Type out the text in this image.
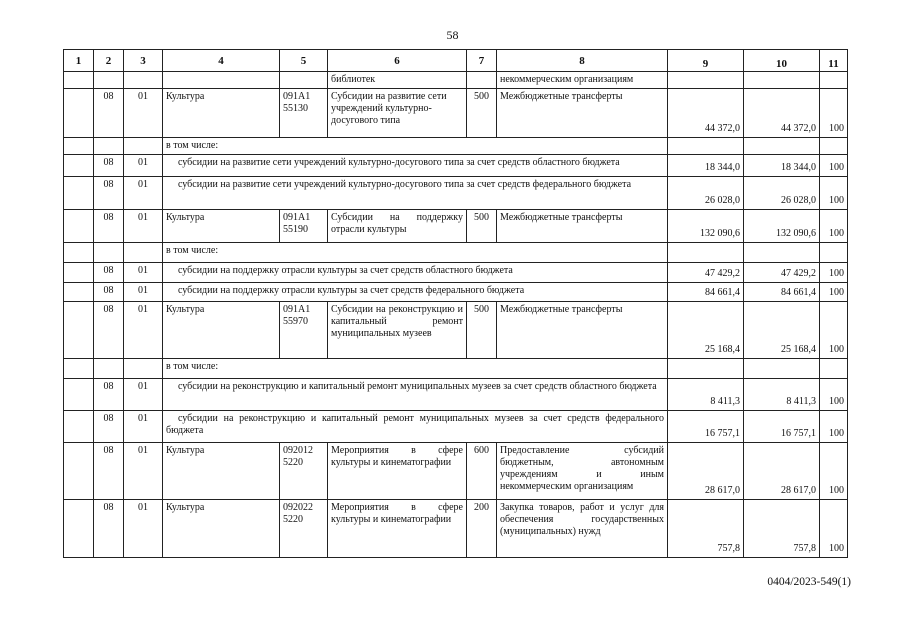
58
1	2	3	4	5	6	7	8	9	10	11
					библиотек		некоммерческим организациям			
	08	01	Культура	091А1 55130	Субсидии на развитие сети учреждений культурно-досугового типа	500	Межбюджетные трансферты	44 372,0	44 372,0	100
			в том числе:							
	08	01	субсидии на развитие сети учреждений культурно-досугового типа за счет средств областного бюджета					18 344,0	18 344,0	100
	08	01	субсидии на развитие сети учреждений культурно-досугового типа за счет средств федерального бюджета					26 028,0	26 028,0	100
	08	01	Культура	091А1 55190	Субсидии на поддержку отрасли культуры	500	Межбюджетные трансферты	132 090,6	132 090,6	100
			в том числе:							
	08	01	субсидии на поддержку отрасли культуры за счет средств областного бюджета					47 429,2	47 429,2	100
	08	01	субсидии на поддержку отрасли культуры за счет средств федерального бюджета					84 661,4	84 661,4	100
	08	01	Культура	091А1 55970	Субсидии на реконструкцию и капитальный ремонт муниципальных музеев	500	Межбюджетные трансферты	25 168,4	25 168,4	100
			в том числе:							
	08	01	субсидии на реконструкцию и капитальный ремонт муниципальных музеев за счет средств областного бюджета					8 411,3	8 411,3	100
	08	01	субсидии на реконструкцию и капитальный ремонт муниципальных музеев за счет средств федерального бюджета					16 757,1	16 757,1	100
	08	01	Культура	092012 5220	Мероприятия в сфере культуры и кинематографии	600	Предоставление субсидий бюджетным, автономным учреждениям и иным некоммерческим организациям	28 617,0	28 617,0	100
	08	01	Культура	092022 5220	Мероприятия в сфере культуры и кинематографии	200	Закупка товаров, работ и услуг для обеспечения государственных (муниципальных) нужд	757,8	757,8	100
0404/2023-549(1)
